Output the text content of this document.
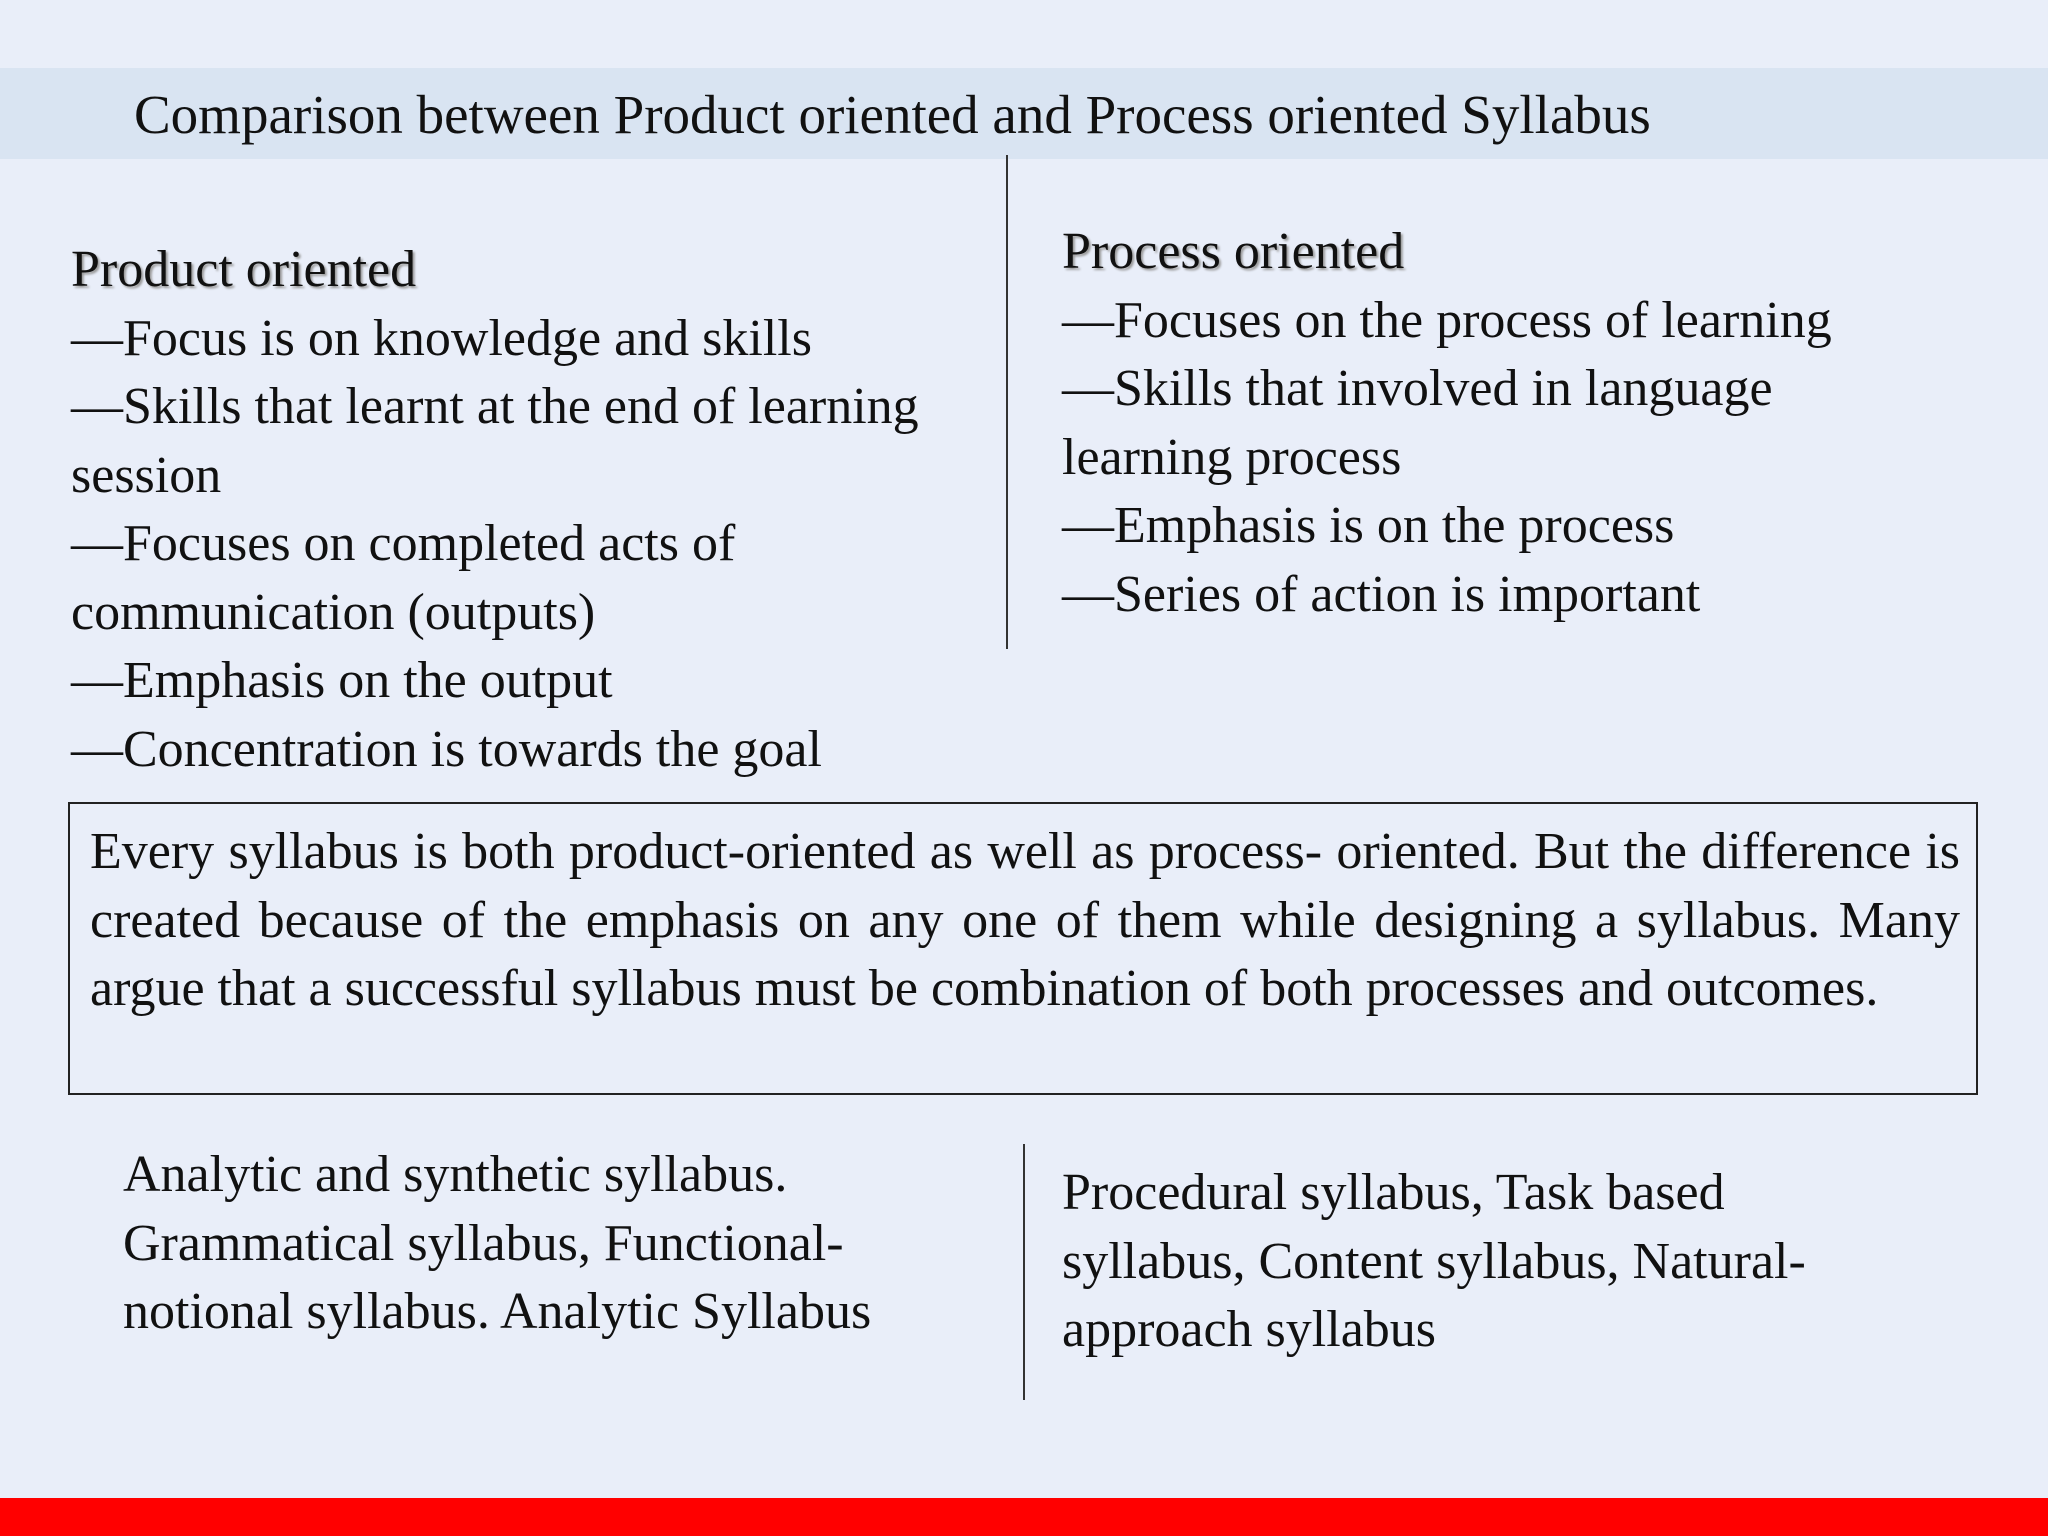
Comparison between Product oriented and Process oriented Syllabus
Product oriented
—Focus is on knowledge and skills
—Skills that learnt at the end of learning
session
—Focuses on completed acts of
communication (outputs)
—Emphasis on the output
—Concentration is towards the goal
Process oriented
—Focuses on the process of learning
—Skills that involved in language
learning process
—Emphasis is on the process
—Series of action is important

Every syllabus is both product-oriented as well as process- oriented. But the difference is created because of the emphasis on any one of them while designing a syllabus. Many argue that a successful syllabus must be combination of both processes and outcomes.

Analytic and synthetic syllabus.
Grammatical syllabus, Functional-
notional syllabus. Analytic Syllabus
Procedural syllabus, Task based
syllabus, Content syllabus, Natural-
approach syllabus
